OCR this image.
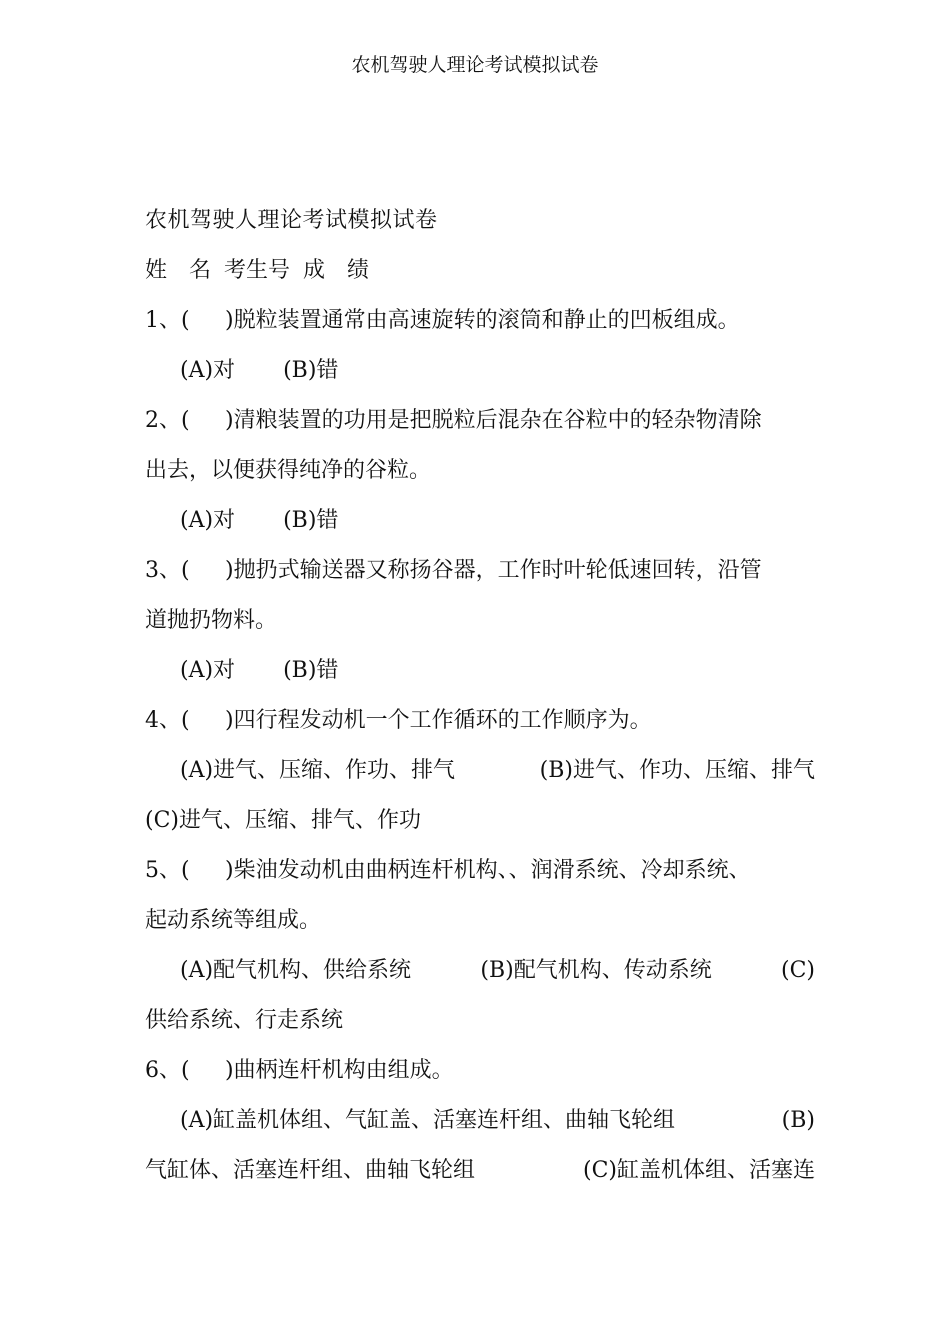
农机驾驶人理论考试模拟试卷
农机驾驶人理论考试模拟试卷
姓　名 考生号 成　绩
1、( )脱粒装置通常由高速旋转的滚筒和静止的凹板组成。
(A)对 (B)错
2、( )清粮装置的功用是把脱粒后混杂在谷粒中的轻杂物清除
出去，以便获得纯净的谷粒。
(A)对 (B)错
3、( )抛扔式输送器又称扬谷器，工作时叶轮低速回转，沿管
道抛扔物料。
(A)对 (B)错
4、( )四行程发动机一个工作循环的工作顺序为。
(A)进气、压缩、作功、排气	(B)进气、作功、压缩、排气
(C)进气、压缩、排气、作功
5、( )柴油发动机由曲柄连杆机构、、润滑系统、冷却系统、
起动系统等组成。
(A)配气机构、供给系统	(B)配气机构、传动系统	(C)
供给系统、行走系统
6、( )曲柄连杆机构由组成。
(A)缸盖机体组、气缸盖、活塞连杆组、曲轴飞轮组	(B)
气缸体、活塞连杆组、曲轴飞轮组	(C)缸盖机体组、活塞连
